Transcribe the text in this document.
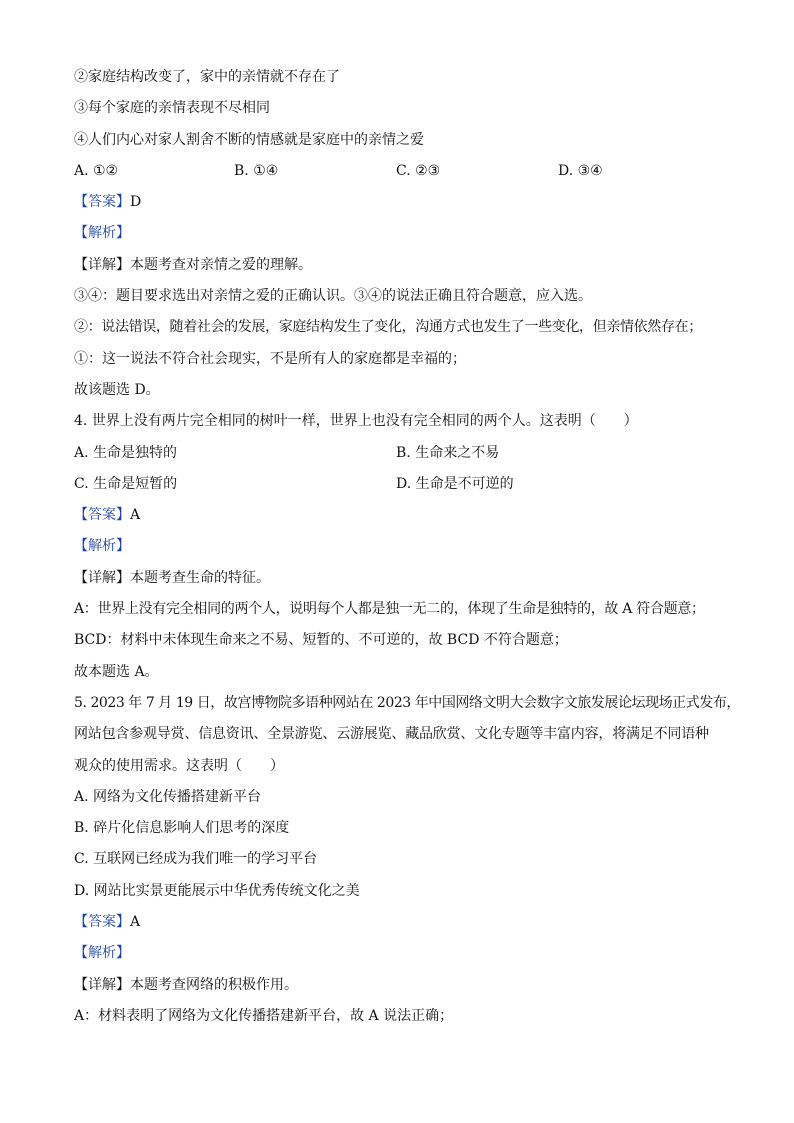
②家庭结构改变了，家中的亲情就不存在了
③每个家庭的亲情表现不尽相同
④人们内心对家人割舍不断的情感就是家庭中的亲情之爱
A. ①②	B. ①④	C. ②③	D. ③④
【答案】D
【解析】
【详解】本题考查对亲情之爱的理解。
③④：题目要求选出对亲情之爱的正确认识。③④的说法正确且符合题意，应入选。
②：说法错误，随着社会的发展，家庭结构发生了变化，沟通方式也发生了一些变化，但亲情依然存在；
①：这一说法不符合社会现实，不是所有人的家庭都是幸福的；
故该题选 D。
4. 世界上没有两片完全相同的树叶一样，世界上也没有完全相同的两个人。这表明（　　）
A. 生命是独特的	B. 生命来之不易
C. 生命是短暂的	D. 生命是不可逆的
【答案】A
【解析】
【详解】本题考查生命的特征。
A：世界上没有完全相同的两个人，说明每个人都是独一无二的，体现了生命是独特的，故 A 符合题意；
BCD：材料中未体现生命来之不易、短暂的、不可逆的，故 BCD 不符合题意；
故本题选 A。
5. 2023 年 7 月 19 日，故宫博物院多语种网站在 2023 年中国网络文明大会数字文旅发展论坛现场正式发布，
网站包含参观导赏、信息资讯、全景游览、云游展览、藏品欣赏、文化专题等丰富内容，将满足不同语种
观众的使用需求。这表明（　　）
A. 网络为文化传播搭建新平台
B. 碎片化信息影响人们思考的深度
C. 互联网已经成为我们唯一的学习平台
D. 网站比实景更能展示中华优秀传统文化之美
【答案】A
【解析】
【详解】本题考查网络的积极作用。
A：材料表明了网络为文化传播搭建新平台，故 A 说法正确；
